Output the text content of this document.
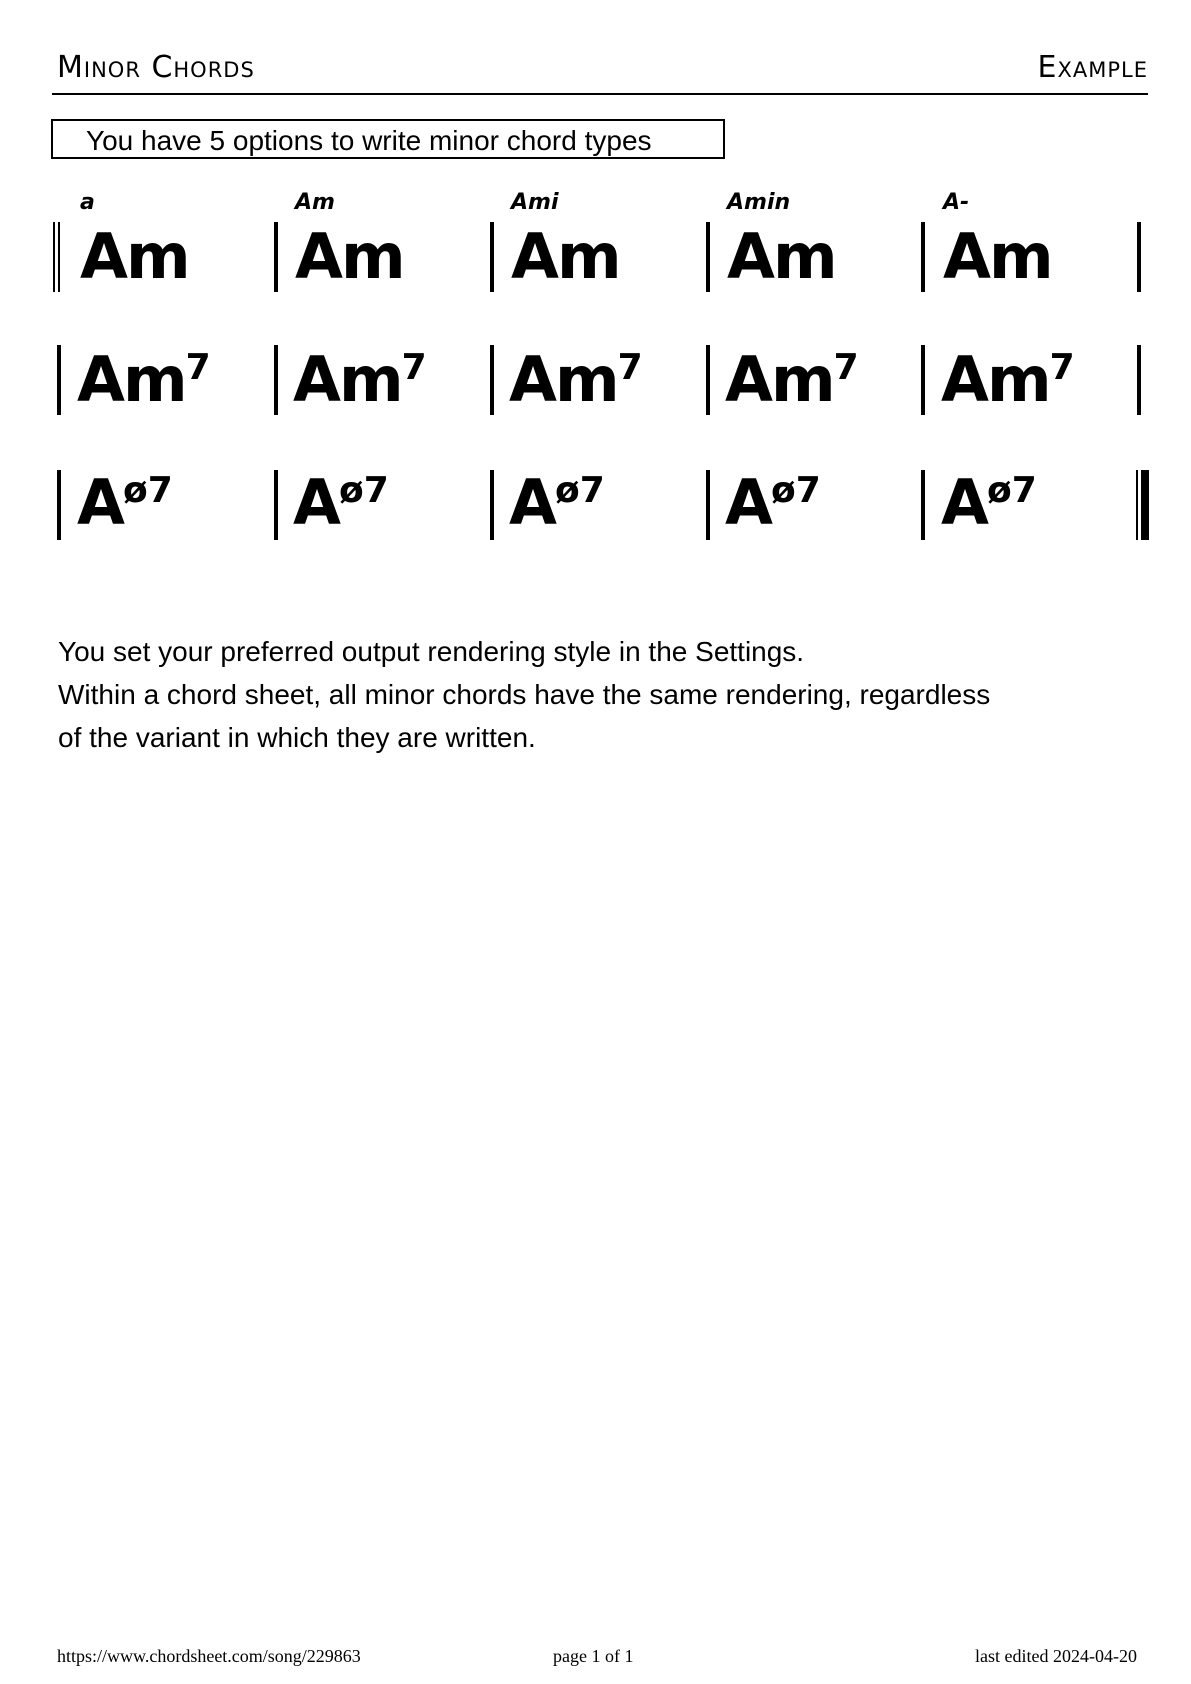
Minor Chords	Example
You have 5 options to write minor chord types
a	Am	Ami	Amin	A-
Am Am Am Am Am
Am$^7$ Am$^7$ Am$^7$ Am$^7$ Am$^7$
$A^{ø7}$ $A^{ø7}$ $A^{ø7}$ $A^{ø7}$ $A^{ø7}$
You set your preferred output rendering style in the Settings.
Within a chord sheet, all minor chords have the same rendering, regardless
of the variant in which they are written.
https://www.chordsheet.com/song/229863	page 1 of 1	last edited 2024-04-20
